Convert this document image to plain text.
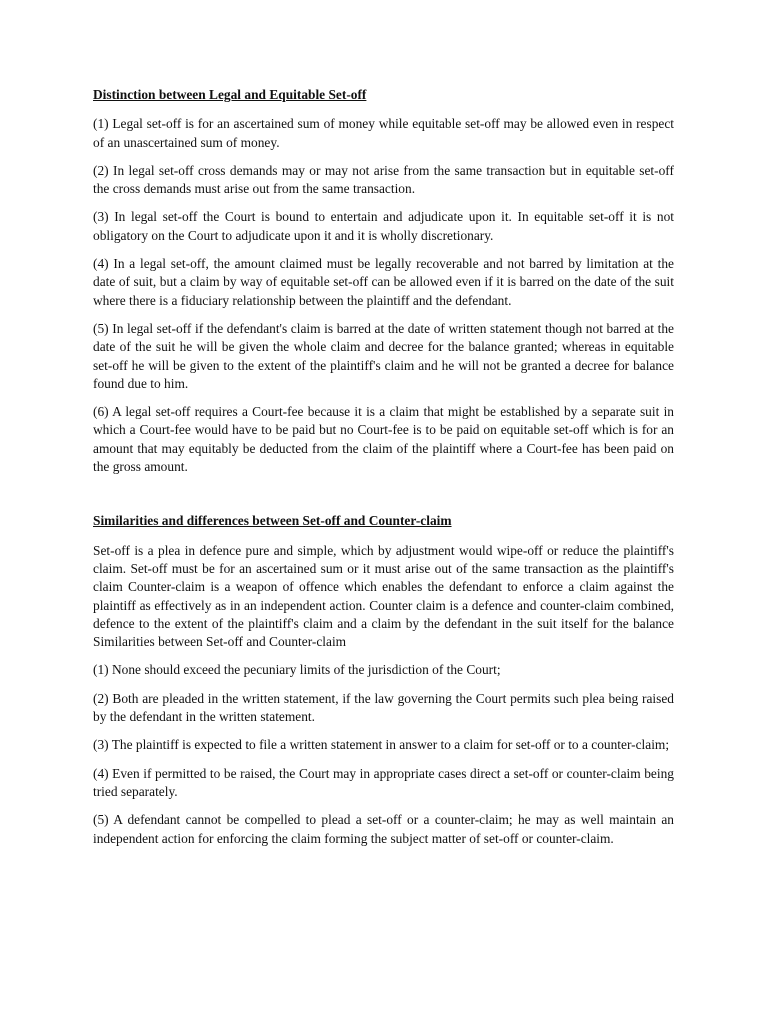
Distinction between Legal and Equitable Set-off

(1) Legal set-off is for an ascertained sum of money while equitable set-off may be allowed even in respect of an unascertained sum of money.

(2) In legal set-off cross demands may or may not arise from the same transaction but in equitable set-off the cross demands must arise out from the same transaction.

(3) In legal set-off the Court is bound to entertain and adjudicate upon it. In equitable set-off it is not obligatory on the Court to adjudicate upon it and it is wholly discretionary.

(4) In a legal set-off, the amount claimed must be legally recoverable and not barred by limitation at the date of suit, but a claim by way of equitable set-off can be allowed even if it is barred on the date of the suit where there is a fiduciary relationship between the plaintiff and the defendant.

(5) In legal set-off if the defendant's claim is barred at the date of written statement though not barred at the date of the suit he will be given the whole claim and decree for the balance granted; whereas in equitable set-off he will be given to the extent of the plaintiff's claim and he will not be granted a decree for balance found due to him.

(6) A legal set-off requires a Court-fee because it is a claim that might be established by a separate suit in which a Court-fee would have to be paid but no Court-fee is to be paid on equitable set-off which is for an amount that may equitably be deducted from the claim of the plaintiff where a Court-fee has been paid on the gross amount.

Similarities and differences between Set-off and Counter-claim

Set-off is a plea in defence pure and simple, which by adjustment would wipe-off or reduce the plaintiff's claim. Set-off must be for an ascertained sum or it must arise out of the same transaction as the plaintiff's claim Counter-claim is a weapon of offence which enables the defendant to enforce a claim against the plaintiff as effectively as in an independent action. Counter claim is a defence and counter-claim combined, defence to the extent of the plaintiff's claim and a claim by the defendant in the suit itself for the balance Similarities between Set-off and Counter-claim

(1) None should exceed the pecuniary limits of the jurisdiction of the Court;

(2) Both are pleaded in the written statement, if the law governing the Court permits such plea being raised by the defendant in the written statement.

(3) The plaintiff is expected to file a written statement in answer to a claim for set-off or to a counter-claim;

(4) Even if permitted to be raised, the Court may in appropriate cases direct a set-off or counter-claim being tried separately.

(5) A defendant cannot be compelled to plead a set-off or a counter-claim; he may as well maintain an independent action for enforcing the claim forming the subject matter of set-off or counter-claim.
